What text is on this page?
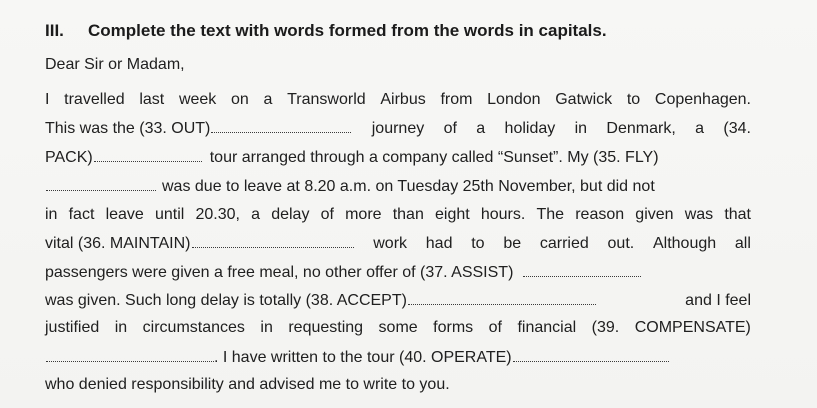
III. Complete the text with words formed from the words in capitals.
Dear Sir or Madam,
I travelled last week on a Transworld Airbus from London Gatwick to Copenhagen.
This was the (33. OUT)	journey of a holiday in Denmark, a (34.
PACK)	tour arranged through a company called “Sunset”. My (35. FLY)
was due to leave at 8.20 a.m. on Tuesday 25th November, but did not
in fact leave until 20.30, a delay of more than eight hours. The reason given was that
vital (36. MAINTAIN)	work had to be carried out. Although all
passengers were given a free meal, no other offer of (37. ASSIST)
was given. Such long delay is totally (38. ACCEPT)	and I feel
justified in circumstances in requesting some forms of financial (39. COMPENSATE)
. I have written to the tour (40. OPERATE)
who denied responsibility and advised me to write to you.
